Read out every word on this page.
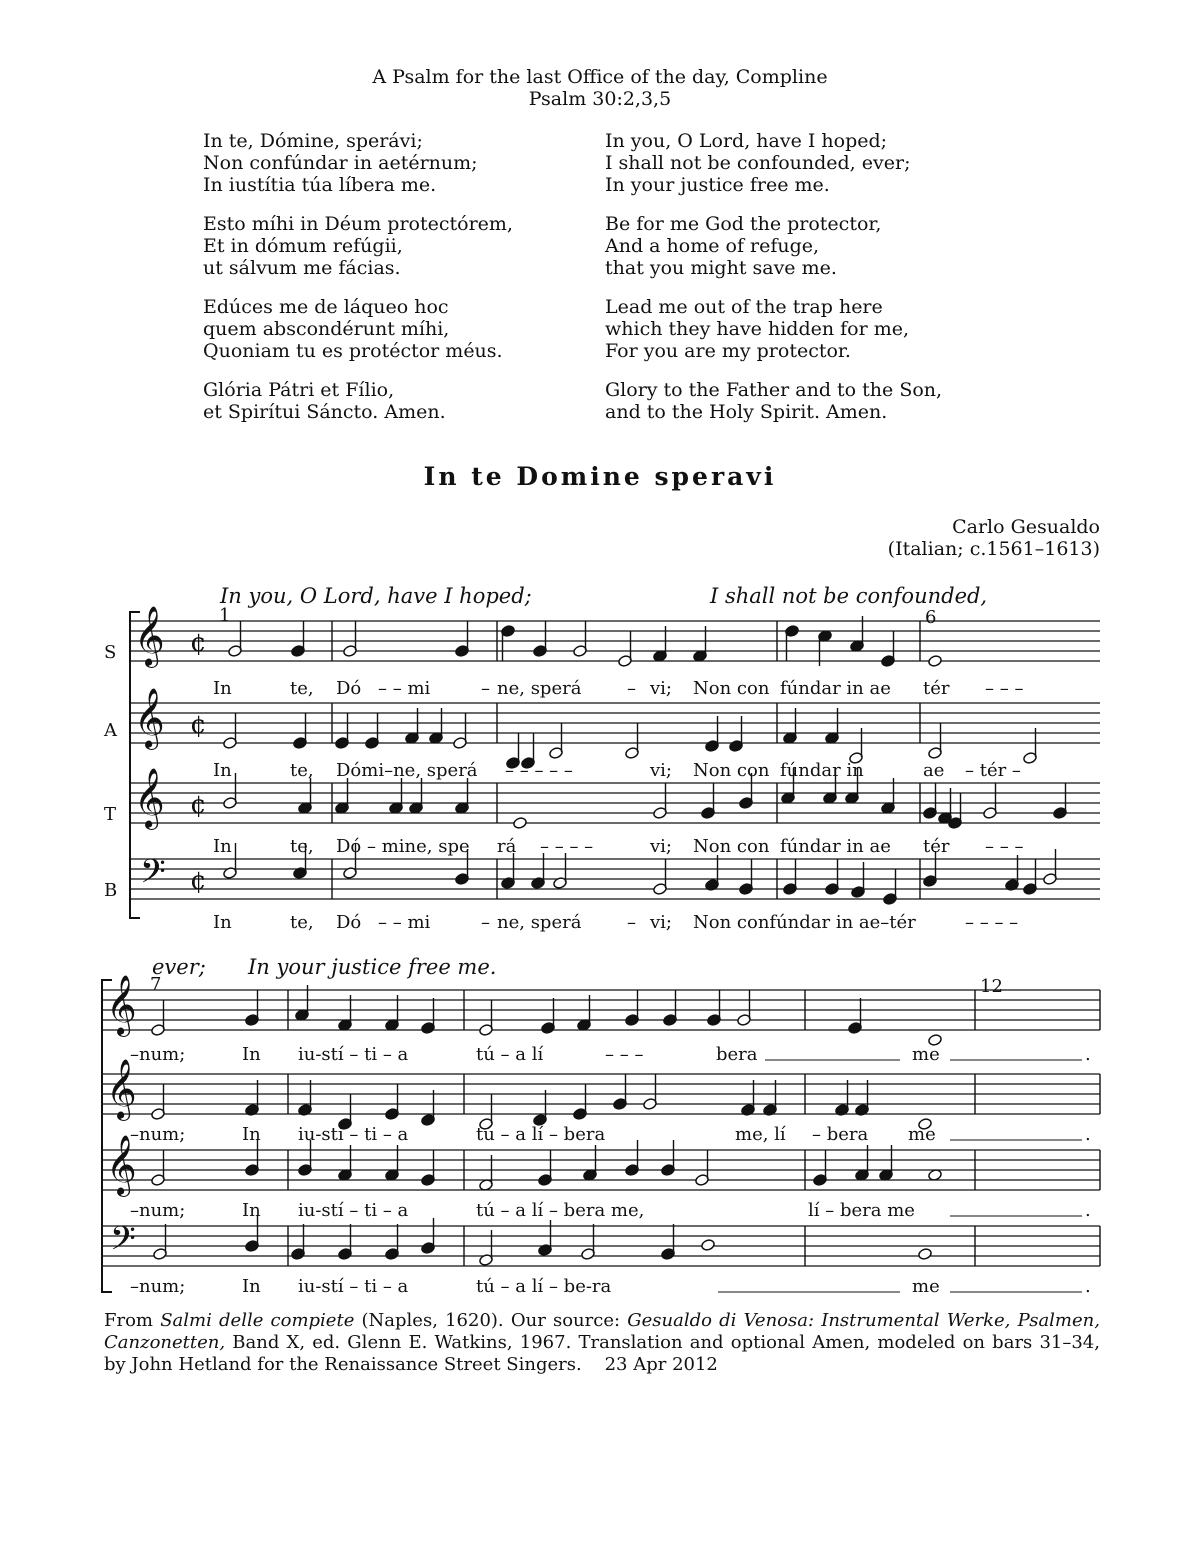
A Psalm for the last Office of the day, Compline
Psalm 30:2,3,5
In te, Dómine, sperávi;
Non confúndar in aetérnum;
In iustítia túa líbera me.
Esto míhi in Déum protectórem,
Et in dómum refúgii,
ut sálvum me fácias.
Edúces me de láqueo hoc
quem abscondérunt míhi,
Quoniam tu es protéctor méus.
Glória Pátri et Fílio,
et Spirítui Sáncto. Amen.
In you, O Lord, have I hoped;
I shall not be confounded, ever;
In your justice free me.
Be for me God the protector,
And a home of refuge,
that you might save me.
Lead me out of the trap here
which they have hidden for me,
For you are my protector.
Glory to the Father and to the Son,
and to the Holy Spirit. Amen.
In te Domine speravi
Carlo Gesualdo
(Italian; c.1561–1613)
𝄞
𝄞
𝄞
𝄢
¢
¢
¢
¢
𝄞
𝄞
𝄞
𝄢
In you, O Lord, have I hoped;	I shall not be confounded,
1	6
S
A
T
B
In	te, Dó – – mi	– ne, sperá	– vi; Non con fúndar in ae tér – – –
In	te, Dómi–ne, sperá – – – – –	vi; Non con fúndar in	ae – tér –
In	te, Dó – mine, spe rá – – – –	vi; Non con fúndar in ae tér – – –
In	te, Dó – – mi	– ne, sperá	– vi; Non confúndar in ae–tér	– – – –
ever; In your justice free me.
7	12
–num;	In iu-stí – ti – a	tú – a lí	– – –	bera	me	.
–num;	In iu-stí – ti – a	tú – a lí – bera	me, lí – bera me	.
–num;	In iu-stí – ti – a	tú – a lí – bera me,	lí – bera me	.
–num;	In iu-stí – ti – a	tú – a lí – be-ra	me	.
From Salmi delle compiete (Naples, 1620). Our source: Gesualdo di Venosa: Instrumental Werke, Psalmen, Canzonetten, Band X, ed. Glenn E. Watkins, 1967. Translation and optional Amen, modeled on bars 31–34, by John Hetland for the Renaissance Street Singers. 23 Apr 2012
